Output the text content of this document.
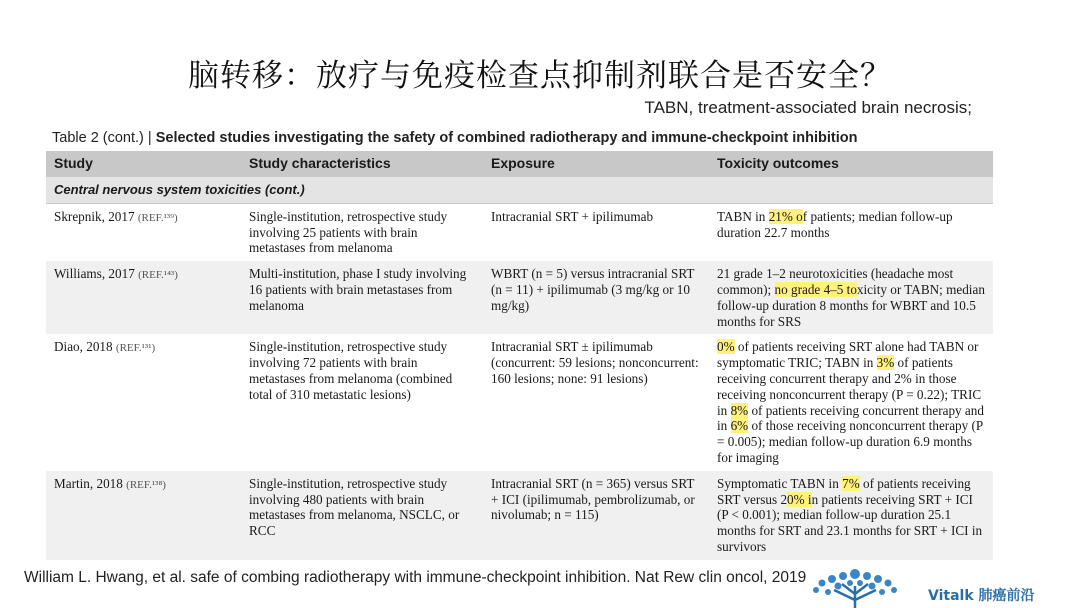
脑转移：放疗与免疫检查点抑制剂联合是否安全？
TABN, treatment-associated brain necrosis;
Table 2 (cont.) | Selected studies investigating the safety of combined radiotherapy and immune-checkpoint inhibition
Study	Study characteristics	Exposure	Toxicity outcomes
Central nervous system toxicities (cont.)			
Skrepnik, 2017 (REF.¹³⁹)	Single-institution, retrospective study involving 25 patients with brain metastases from melanoma	Intracranial SRT + ipilimumab	TABN in 21% of patients; median follow-up duration 22.7 months
Williams, 2017 (REF.¹⁴³)	Multi-institution, phase I study involving 16 patients with brain metastases from melanoma	WBRT (n = 5) versus intracranial SRT (n = 11) + ipilimumab (3 mg/kg or 10 mg/kg)	21 grade 1–2 neurotoxicities (headache most common); no grade 4–5 toxicity or TABN; median follow-up duration 8 months for WBRT and 10.5 months for SRS
Diao, 2018 (REF.¹³¹)	Single-institution, retrospective study involving 72 patients with brain metastases from melanoma (combined total of 310 metastatic lesions)	Intracranial SRT ± ipilimumab (concurrent: 59 lesions; nonconcurrent: 160 lesions; none: 91 lesions)	0% of patients receiving SRT alone had TABN or symptomatic TRIC; TABN in 3% of patients receiving concurrent therapy and 2% in those receiving nonconcurrent therapy (P = 0.22); TRIC in 8% of patients receiving concurrent therapy and in 6% of those receiving nonconcurrent therapy (P = 0.005); median follow-up duration 6.9 months for imaging
Martin, 2018 (REF.¹³⁸)	Single-institution, retrospective study involving 480 patients with brain metastases from melanoma, NSCLC, or RCC	Intracranial SRT (n = 365) versus SRT + ICI (ipilimumab, pembrolizumab, or nivolumab; n = 115)	Symptomatic TABN in 7% of patients receiving SRT versus 20% in patients receiving SRT + ICI (P < 0.001); median follow-up duration 25.1 months for SRT and 23.1 months for SRT + ICI in survivors
William L. Hwang, et al. safe of combing radiotherapy with immune-checkpoint inhibition. Nat Rew clin oncol, 2019
Vitalk 肺癌前沿
